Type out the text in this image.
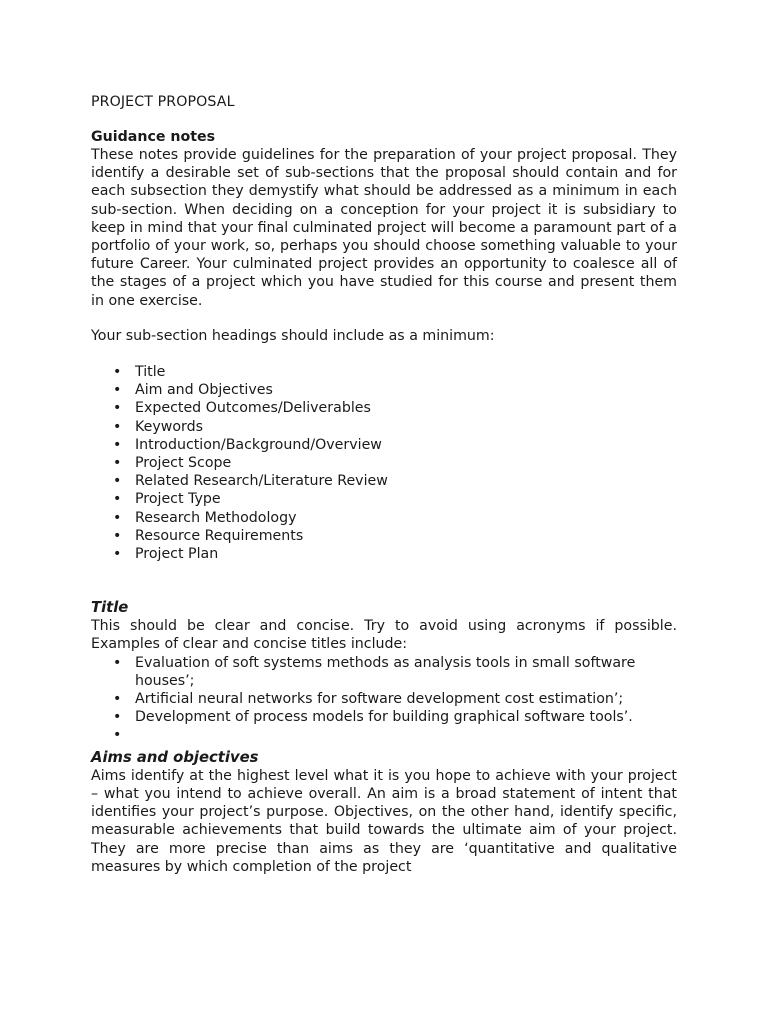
PROJECT PROPOSAL
Guidance notes

These notes provide guidelines for the preparation of your project proposal. They identify a desirable set of sub-sections that the proposal should contain and for each subsection they demystify what should be addressed as a minimum in each sub-section. When deciding on a conception for your project it is subsidiary to keep in mind that your final culminated project will become a paramount part of a portfolio of your work, so, perhaps you should choose something valuable to your future Career. Your culminated project provides an opportunity to coalesce all of the stages of a project which you have studied for this course and present them in one exercise.

Your sub-section headings should include as a minimum:

• Title
• Aim and Objectives
• Expected Outcomes/Deliverables
• Keywords
• Introduction/Background/Overview
• Project Scope
• Related Research/Literature Review
• Project Type
• Research Methodology
• Resource Requirements
• Project Plan
Title

This should be clear and concise. Try to avoid using acronyms if possible. Examples of clear and concise titles include:

• Evaluation of soft systems methods as analysis tools in small software houses’;
• Artificial neural networks for software development cost estimation’;
• Development of process models for building graphical software tools’.
•
Aims and objectives

Aims identify at the highest level what it is you hope to achieve with your project – what you intend to achieve overall. An aim is a broad statement of intent that identifies your project’s purpose. Objectives, on the other hand, identify specific, measurable achievements that build towards the ultimate aim of your project. They are more precise than aims as they are ‘quantitative and qualitative measures by which completion of the project
